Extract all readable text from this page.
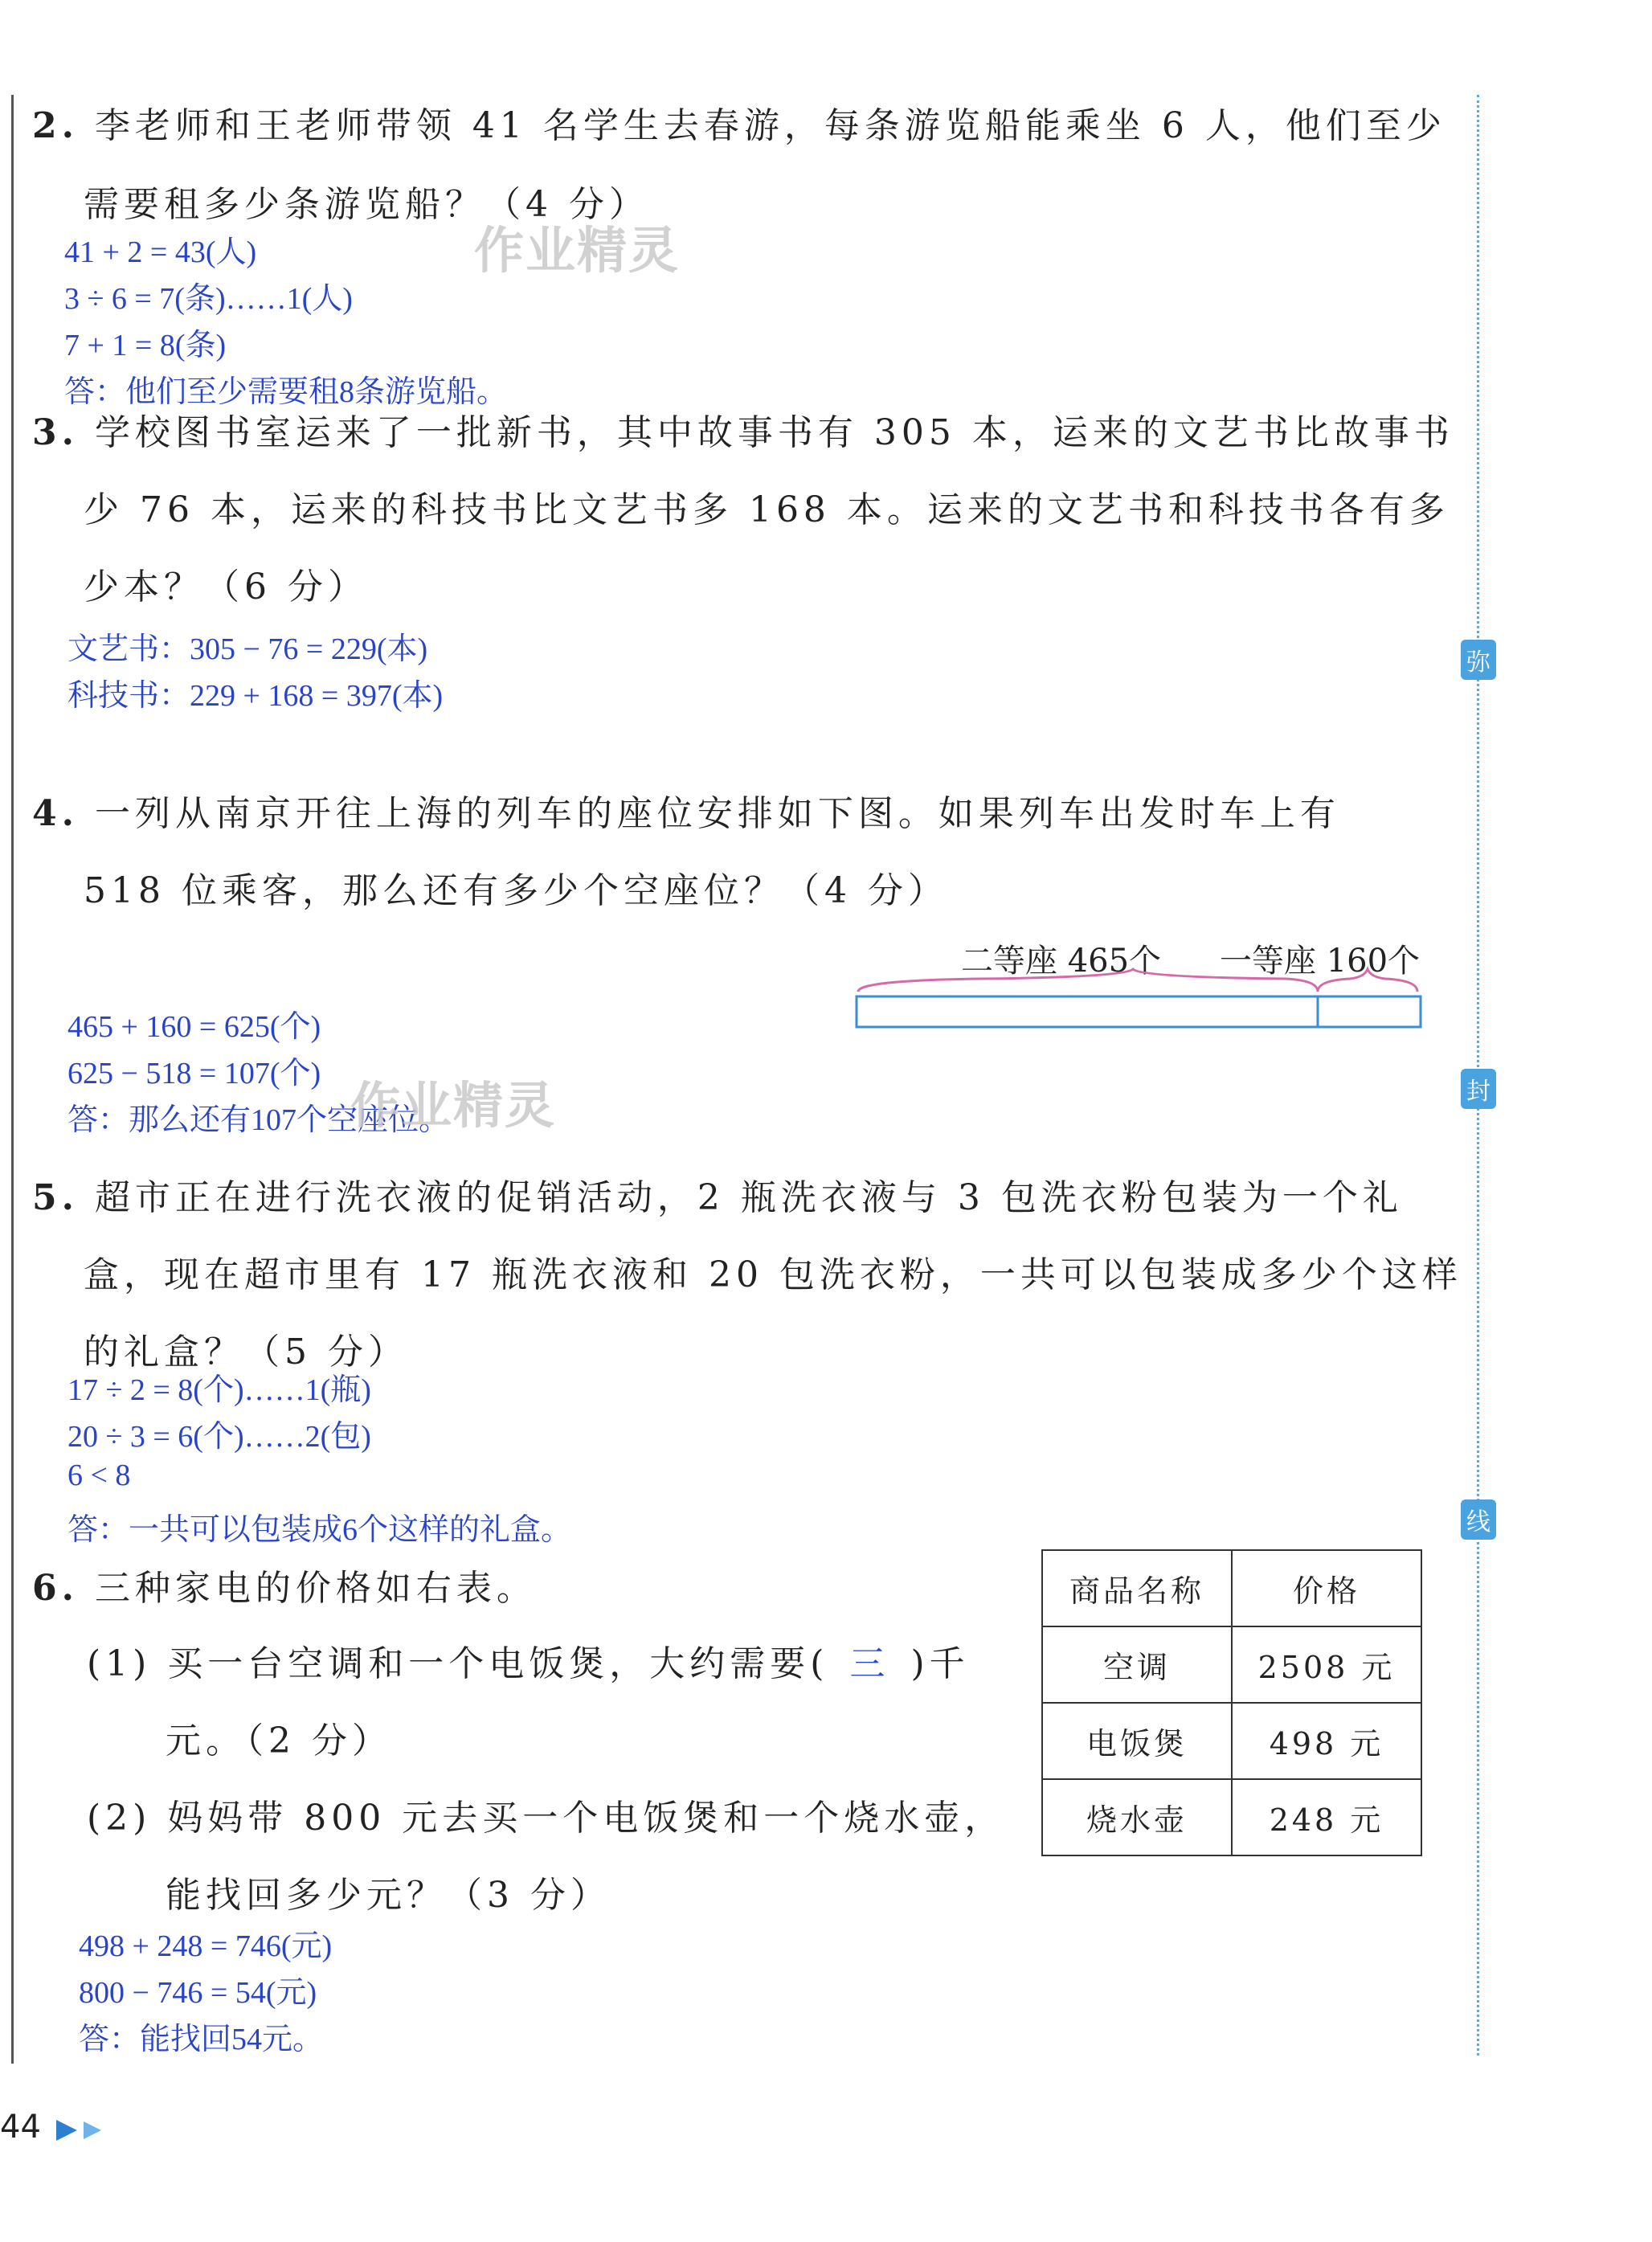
弥
封
线
2. 李老师和王老师带领 41 名学生去春游，每条游览船能乘坐 6 人，他们至少
需要租多少条游览船？（4 分）
41 + 2 = 43(人)
3 ÷ 6 = 7(条)……1(人)
7 + 1 = 8(条)
答：他们至少需要租8条游览船。
作业精灵
3. 学校图书室运来了一批新书，其中故事书有 305 本，运来的文艺书比故事书
少 76 本，运来的科技书比文艺书多 168 本。运来的文艺书和科技书各有多
少本？（6 分）
文艺书：305 − 76 = 229(本)
科技书：229 + 168 = 397(本)
4. 一列从南京开往上海的列车的座位安排如下图。如果列车出发时车上有
518 位乘客，那么还有多少个空座位？（4 分）
二等座 465个 一等座 160个
465 + 160 = 625(个)
625 − 518 = 107(个)
答：那么还有107个空座位。
作业精灵
5. 超市正在进行洗衣液的促销活动，2 瓶洗衣液与 3 包洗衣粉包装为一个礼
盒，现在超市里有 17 瓶洗衣液和 20 包洗衣粉，一共可以包装成多少个这样
的礼盒？（5 分）
17 ÷ 2 = 8(个)……1(瓶)
20 ÷ 3 = 6(个)……2(包)
6 < 8
答：一共可以包装成6个这样的礼盒。
6. 三种家电的价格如右表。
(1) 买一台空调和一个电饭煲，大约需要( 三 )千
元。（2 分）
(2) 妈妈带 800 元去买一个电饭煲和一个烧水壶，
能找回多少元？（3 分）
商品名称	价格
空调	2508 元
电饭煲	498 元
烧水壶	248 元
498 + 248 = 746(元)
800 − 746 = 54(元)
答：能找回54元。
44
